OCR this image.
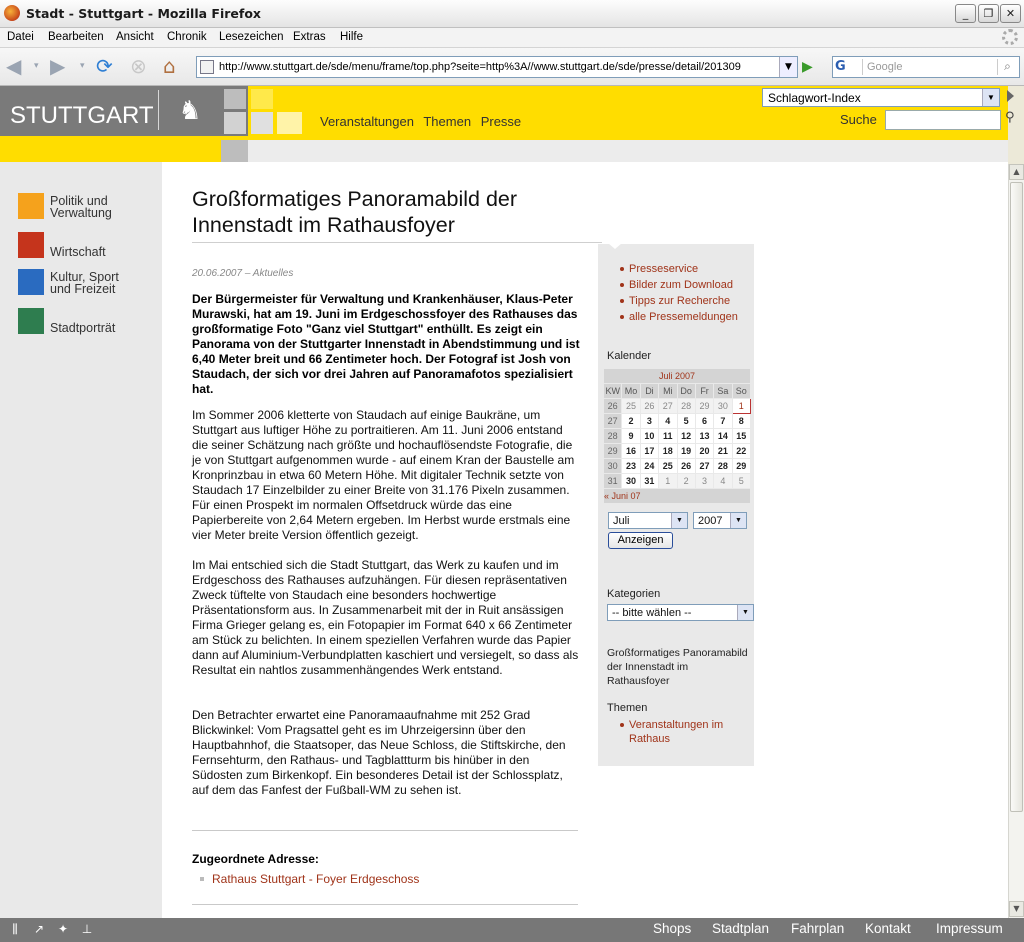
Stadt - Stuttgart - Mozilla Firefox	_	❐	✕
Datei Bearbeiten Ansicht Chronik Lesezeichen Extras Hilfe
◀ ▾ ▶ ▾ ⟳ ⊗ ⌂	http://www.stuttgart.de/sde/menu/frame/top.php?seite=http%3A//www.stuttgart.de/sde/presse/detail/201309	▼ ▶	G	Google	⌕
STUTTGART ♞	Veranstaltungen Themen Presse
Schlagwort-Index	▼
Suche	⚲
Politik und
Verwaltung
Wirtschaft
Kultur, Sport
und Freizeit
Stadtporträt
Großformatiges Panoramabild der Innenstadt im Rathausfoyer
20.06.2007 – Aktuelles
Der Bürgermeister für Verwaltung und Krankenhäuser, Klaus-Peter Murawski, hat am 19. Juni im Erdgeschossfoyer des Rathauses das großformatige Foto "Ganz viel Stuttgart" enthüllt. Es zeigt ein Panorama von der Stuttgarter Innenstadt in Abendstimmung und ist 6,40 Meter breit und 66 Zentimeter hoch. Der Fotograf ist Josh von Staudach, der sich vor drei Jahren auf Panoramafotos spezialisiert hat.
Im Sommer 2006 kletterte von Staudach auf einige Baukräne, um Stuttgart aus luftiger Höhe zu portraitieren. Am 11. Juni 2006 entstand die seiner Schätzung nach größte und hochauflösendste Fotografie, die je von Stuttgart aufgenommen wurde - auf einem Kran der Baustelle am Kronprinzbau in etwa 60 Metern Höhe. Mit digitaler Technik setzte von Staudach 17 Einzelbilder zu einer Breite von 31.176 Pixeln zusammen. Für einen Prospekt im normalen Offsetdruck würde das eine Papierbereite von 2,64 Metern ergeben. Im Herbst wurde erstmals eine vier Meter breite Version öffentlich gezeigt.
Im Mai entschied sich die Stadt Stuttgart, das Werk zu kaufen und im Erdgeschoss des Rathauses aufzuhängen. Für diesen repräsentativen Zweck tüftelte von Staudach eine besonders hochwertige Präsentationsform aus. In Zusammenarbeit mit der in Ruit ansässigen Firma Grieger gelang es, ein Fotopapier im Format 640 x 66 Zentimeter am Stück zu belichten. In einem speziellen Verfahren wurde das Papier dann auf Aluminium-Verbundplatten kaschiert und versiegelt, so dass als Resultat ein nahtlos zusammenhängendes Werk entstand.
Den Betrachter erwartet eine Panoramaaufnahme mit 252 Grad Blickwinkel: Vom Pragsattel geht es im Uhrzeigersinn über den Hauptbahnhof, die Staatsoper, das Neue Schloss, die Stiftskirche, den Fernsehturm, den Rathaus- und Tagblattturm bis hinüber in den Südosten zum Birkenkopf. Ein besonderes Detail ist der Schlossplatz, auf dem das Fanfest der Fußball-WM zu sehen ist.
Zugeordnete Adresse:
Rathaus Stuttgart - Foyer Erdgeschoss
Presseservice
Bilder zum Download
Tipps zur Recherche
alle Pressemeldungen
Kalender
Juli 2007							
KW	Mo	Di	Mi	Do	Fr	Sa	So
26	25	26	27	28	29	30	1
27	2	3	4	5	6	7	8
28	9	10	11	12	13	14	15
29	16	17	18	19	20	21	22
30	23	24	25	26	27	28	29
31	30	31	1	2	3	4	5
« Juni 07							
Juli	▼	2007	▼
Anzeigen
Kategorien
-- bitte wählen --	▼
Großformatiges Panoramabild der Innenstadt im Rathausfoyer
Themen
Veranstaltungen im Rathaus
▲
▼
⫼	↗ ✦ ⊥	Shops Stadtplan Fahrplan Kontakt Impressum
